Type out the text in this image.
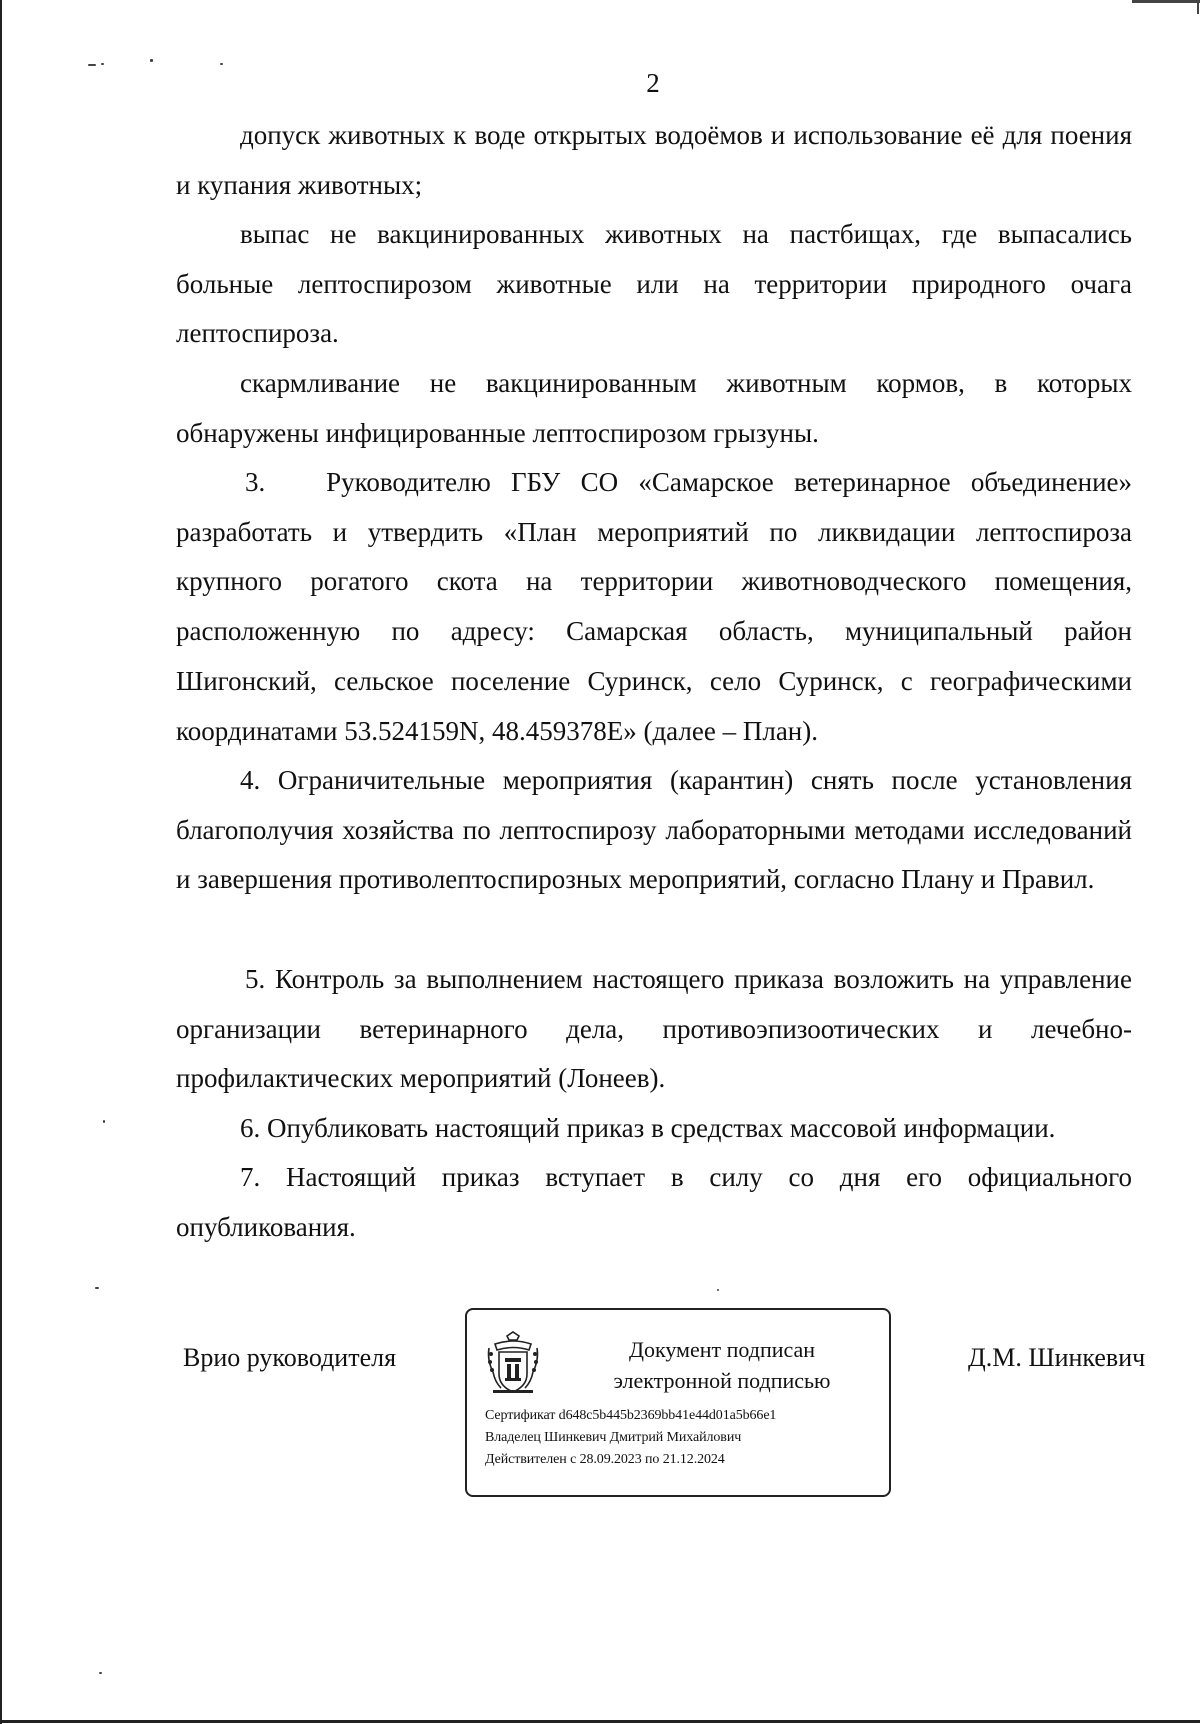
2

допуск животных к воде открытых водоёмов и использование её для поения и купания животных;

выпас не вакцинированных животных на пастбищах, где выпасались больные лептоспирозом животные или на территории природного очага лептоспироза.

скармливание не вакцинированным животным кормов, в которых обнаружены инфицированные лептоспирозом грызуны.

3.   Руководителю ГБУ СО «Самарское ветеринарное объединение» разработать и утвердить «План мероприятий по ликвидации лептоспироза крупного рогатого скота на территории животноводческого помещения, расположенную по адресу: Самарская область, муниципальный район Шигонский, сельское поселение Суринск, село Суринск, с географическими координатами 53.524159N, 48.459378E» (далее – План).

4. Ограничительные мероприятия (карантин) снять после установления благополучия хозяйства по лептоспирозу лабораторными методами исследований и завершения противолептоспирозных мероприятий, согласно Плану и Правил.

5. Контроль за выполнением настоящего приказа возложить на управление организации ветеринарного дела, противоэпизоотических и лечебно-профилактических мероприятий (Лонеев).

6. Опубликовать настоящий приказ в средствах массовой информации.

7. Настоящий приказ вступает в силу со дня его официального опубликования.

Врио руководителя	Документ подписан
электронной подписью
Сертификат d648c5b445b2369bb41e44d01a5b66e1
Владелец Шинкевич Дмитрий Михайлович
Действителен с 28.09.2023 по 21.12.2024
Д.М. Шинкевич
